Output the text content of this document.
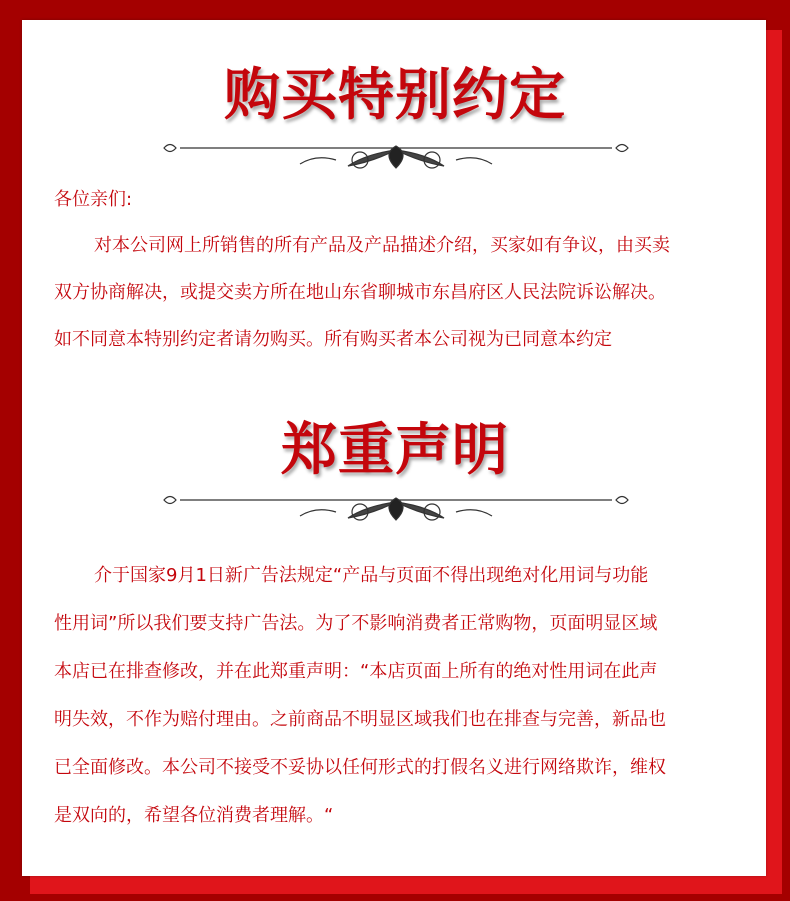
购买特别约定
各位亲们:
对本公司网上所销售的所有产品及产品描述介绍，买家如有争议，由买卖
双方协商解决，或提交卖方所在地山东省聊城市东昌府区人民法院诉讼解决。
如不同意本特别约定者请勿购买。所有购买者本公司视为已同意本约定
郑重声明
介于国家9月1日新广告法规定“产品与页面不得出现绝对化用词与功能
性用词”所以我们要支持广告法。为了不影响消费者正常购物，页面明显区域
本店已在排查修改，并在此郑重声明：“本店页面上所有的绝对性用词在此声
明失效，不作为赔付理由。之前商品不明显区域我们也在排查与完善，新品也
已全面修改。本公司不接受不妥协以任何形式的打假名义进行网络欺诈，维权
是双向的，希望各位消费者理解。“
